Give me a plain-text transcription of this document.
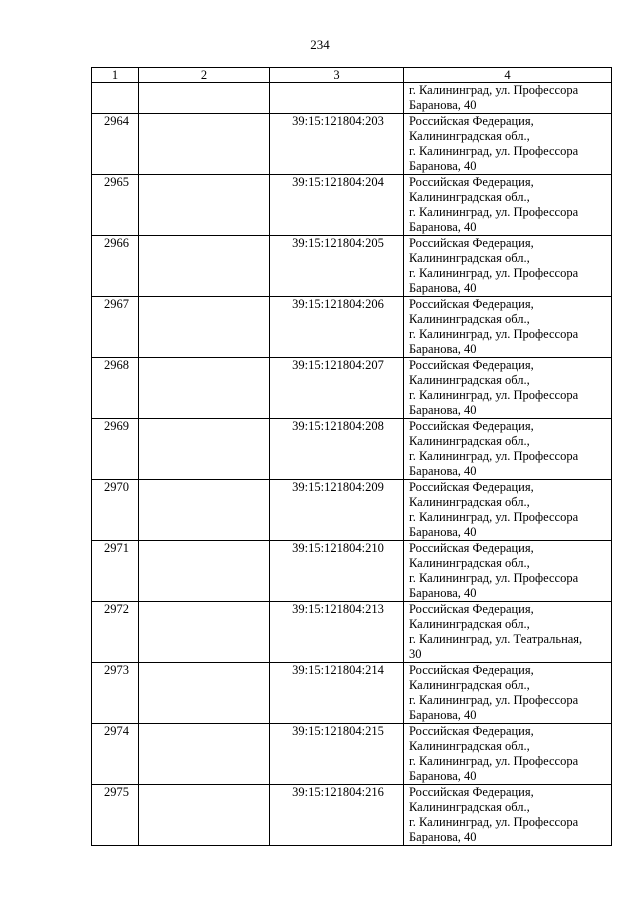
234
1	2	3	4

			г. Калининград, ул. Профессора
Баранова, 40

2964		39:15:121804:203	Российская Федерация,
Калининградская обл.,
г. Калининград, ул. Профессора
Баранова, 40

2965		39:15:121804:204	Российская Федерация,
Калининградская обл.,
г. Калининград, ул. Профессора
Баранова, 40

2966		39:15:121804:205	Российская Федерация,
Калининградская обл.,
г. Калининград, ул. Профессора
Баранова, 40

2967		39:15:121804:206	Российская Федерация,
Калининградская обл.,
г. Калининград, ул. Профессора
Баранова, 40

2968		39:15:121804:207	Российская Федерация,
Калининградская обл.,
г. Калининград, ул. Профессора
Баранова, 40

2969		39:15:121804:208	Российская Федерация,
Калининградская обл.,
г. Калининград, ул. Профессора
Баранова, 40

2970		39:15:121804:209	Российская Федерация,
Калининградская обл.,
г. Калининград, ул. Профессора
Баранова, 40

2971		39:15:121804:210	Российская Федерация,
Калининградская обл.,
г. Калининград, ул. Профессора
Баранова, 40

2972		39:15:121804:213	Российская Федерация,
Калининградская обл.,
г. Калининград, ул. Театральная,
30

2973		39:15:121804:214	Российская Федерация,
Калининградская обл.,
г. Калининград, ул. Профессора
Баранова, 40

2974		39:15:121804:215	Российская Федерация,
Калининградская обл.,
г. Калининград, ул. Профессора
Баранова, 40

2975		39:15:121804:216	Российская Федерация,
Калининградская обл.,
г. Калининград, ул. Профессора
Баранова, 40
